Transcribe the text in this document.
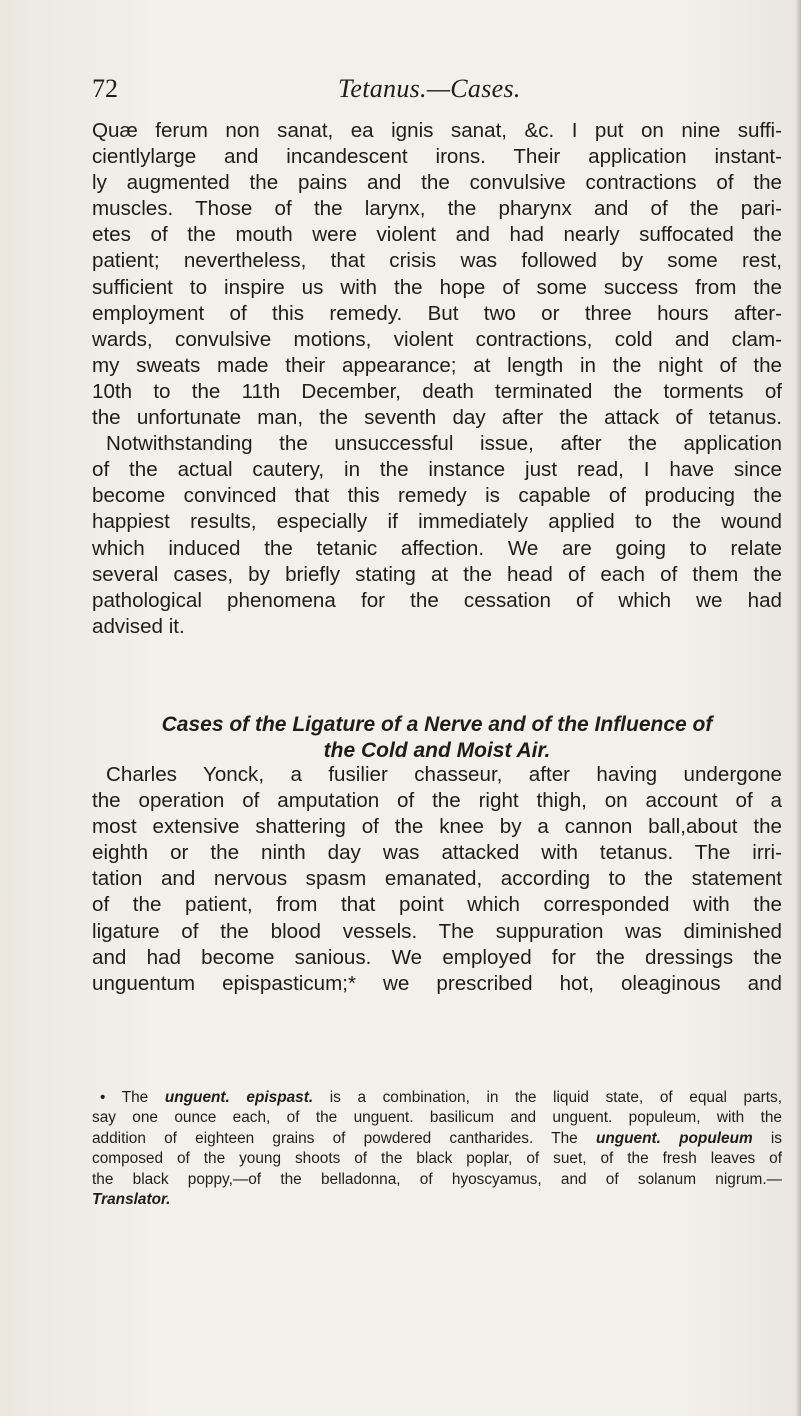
72	Tetanus.—Cases.
Quæ ferum non sanat, ea ignis sanat, &c. I put on nine suffi-
cientlylarge and incandescent irons. Their application instant-
ly augmented the pains and the convulsive contractions of the
muscles. Those of the larynx, the pharynx and of the pari-
etes of the mouth were violent and had nearly suffocated the
patient; nevertheless, that crisis was followed by some rest,
sufficient to inspire us with the hope of some success from the
employment of this remedy. But two or three hours after-
wards, convulsive motions, violent contractions, cold and clam-
my sweats made their appearance; at length in the night of the
10th to the 11th December, death terminated the torments of
the unfortunate man, the seventh day after the attack of tetanus.
Notwithstanding the unsuccessful issue, after the application
of the actual cautery, in the instance just read, I have since
become convinced that this remedy is capable of producing the
happiest results, especially if immediately applied to the wound
which induced the tetanic affection. We are going to relate
several cases, by briefly stating at the head of each of them the
pathological phenomena for the cessation of which we had
advised it.
Cases of the Ligature of a Nerve and of the Influence of
the Cold and Moist Air.
Charles Yonck, a fusilier chasseur, after having undergone
the operation of amputation of the right thigh, on account of a
most extensive shattering of the knee by a cannon ball,about the
eighth or the ninth day was attacked with tetanus. The irri-
tation and nervous spasm emanated, according to the statement
of the patient, from that point which corresponded with the
ligature of the blood vessels. The suppuration was diminished
and had become sanious. We employed for the dressings the
unguentum epispasticum;* we prescribed hot, oleaginous and
• The unguent. epispast. is a combination, in the liquid state, of equal parts,
say one ounce each, of the unguent. basilicum and unguent. populeum, with the
addition of eighteen grains of powdered cantharides. The unguent. populeum is
composed of the young shoots of the black poplar, of suet, of the fresh leaves of
the black poppy,—of the belladonna, of hyoscyamus, and of solanum nigrum.—
Translator.
